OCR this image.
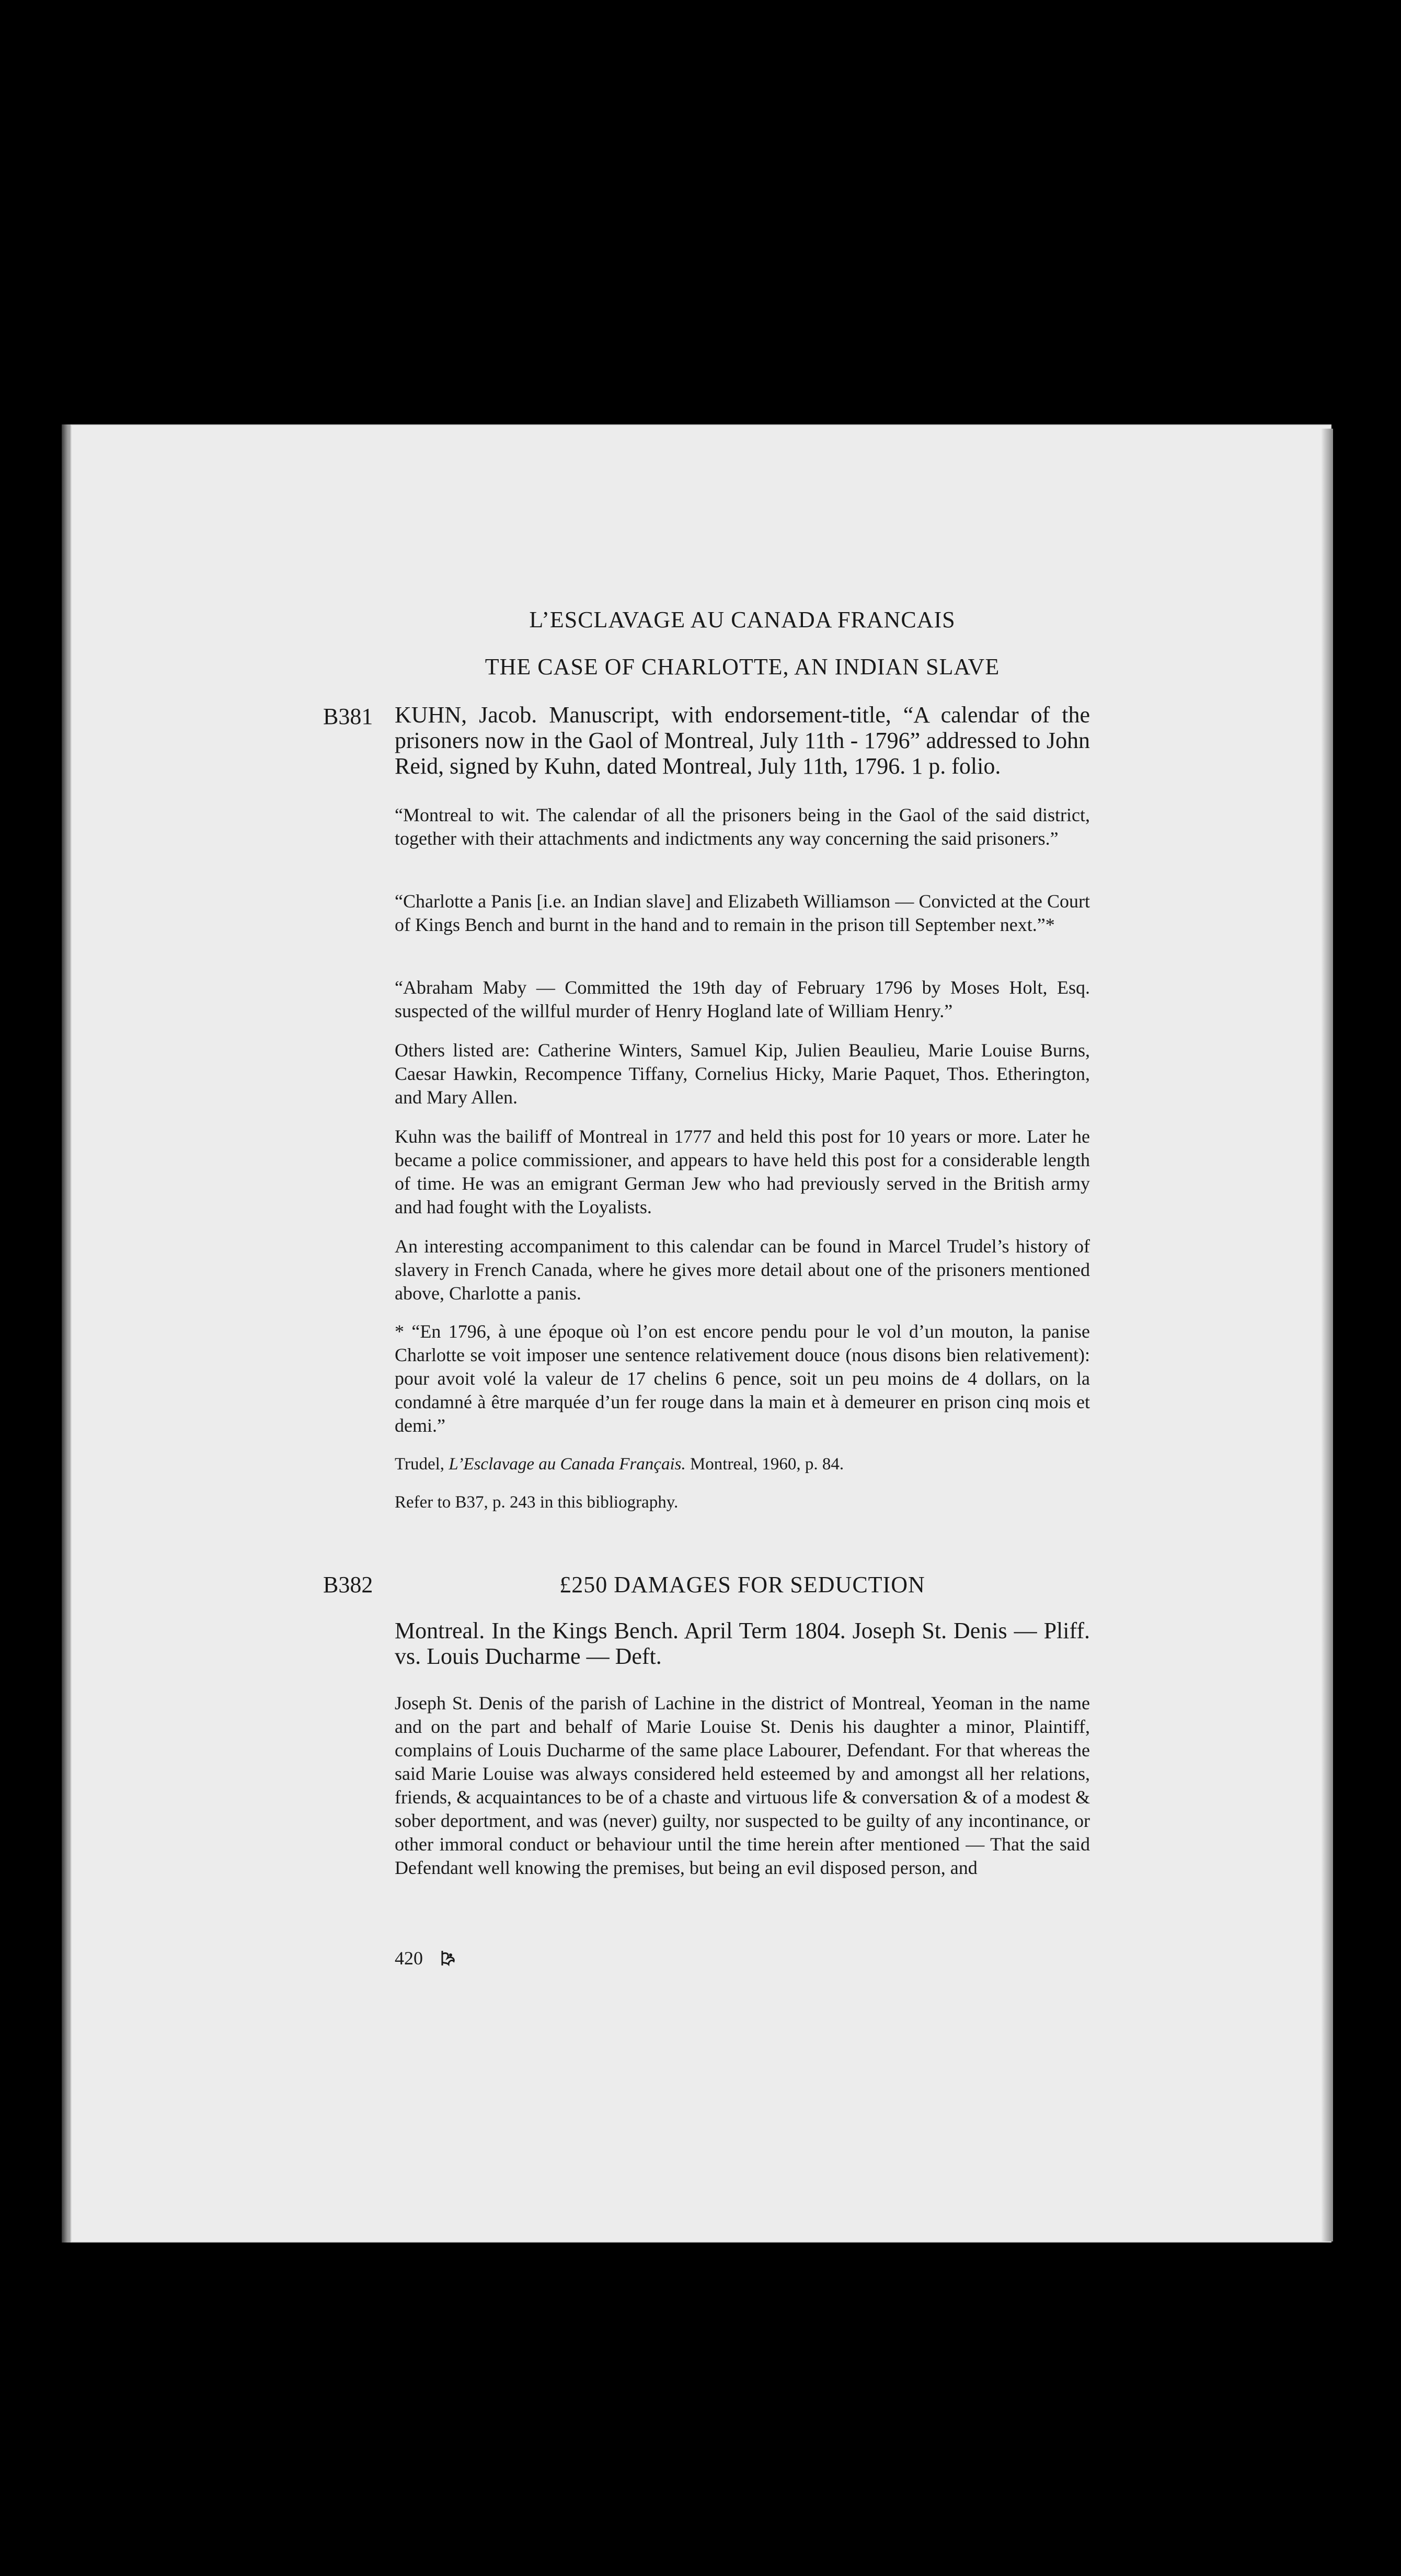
L’ESCLAVAGE AU CANADA FRANCAIS
THE CASE OF CHARLOTTE, AN INDIAN SLAVE
B381 KUHN, Jacob. Manuscript, with endorsement-title, “A calendar of the prisoners now in the Gaol of Montreal, July 11th - 1796” addressed to John Reid, signed by Kuhn, dated Montreal, July 11th, 1796. 1 p. folio.

“Montreal to wit. The calendar of all the prisoners being in the Gaol of the said district, together with their attachments and indictments any way concerning the said prisoners.”

“Charlotte a Panis [i.e. an Indian slave] and Elizabeth Williamson — Convicted at the Court of Kings Bench and burnt in the hand and to remain in the prison till September next.”*

“Abraham Maby — Committed the 19th day of February 1796 by Moses Holt, Esq. suspected of the willful murder of Henry Hogland late of William Henry.”

Others listed are: Catherine Winters, Samuel Kip, Julien Beaulieu, Marie Louise Burns, Caesar Hawkin, Recompence Tiffany, Cornelius Hicky, Marie Paquet, Thos. Etherington, and Mary Allen.

Kuhn was the bailiff of Montreal in 1777 and held this post for 10 years or more. Later he became a police commissioner, and appears to have held this post for a considerable length of time. He was an emigrant German Jew who had previously served in the British army and had fought with the Loyalists.

An interesting accompaniment to this calendar can be found in Marcel Trudel’s history of slavery in French Canada, where he gives more detail about one of the prisoners mentioned above, Charlotte a panis.

* “En 1796, à une époque où l’on est encore pendu pour le vol d’un mouton, la panise Charlotte se voit imposer une sentence relativement douce (nous disons bien relativement): pour avoit volé la valeur de 17 chelins 6 pence, soit un peu moins de 4 dollars, on la condamné à être marquée d’un fer rouge dans la main et à demeurer en prison cinq mois et demi.”

Trudel, L’Esclavage au Canada Français. Montreal, 1960, p. 84.

Refer to B37, p. 243 in this bibliography.

B382	£250 DAMAGES FOR SEDUCTION
Montreal. In the Kings Bench. April Term 1804. Joseph St. Denis — Pliff. vs. Louis Ducharme — Deft.

Joseph St. Denis of the parish of Lachine in the district of Montreal, Yeoman in the name and on the part and behalf of Marie Louise St. Denis his daughter a minor, Plaintiff, complains of Louis Ducharme of the same place Labourer, Defendant. For that whereas the said Marie Louise was always considered held esteemed by and amongst all her relations, friends, & acquaintances to be of a chaste and virtuous life & conversation & of a modest & sober deportment, and was (never) guilty, nor suspected to be guilty of any incontinance, or other immoral conduct or behaviour until the time herein after mentioned — That the said Defendant well knowing the premises, but being an evil disposed person, and

420
